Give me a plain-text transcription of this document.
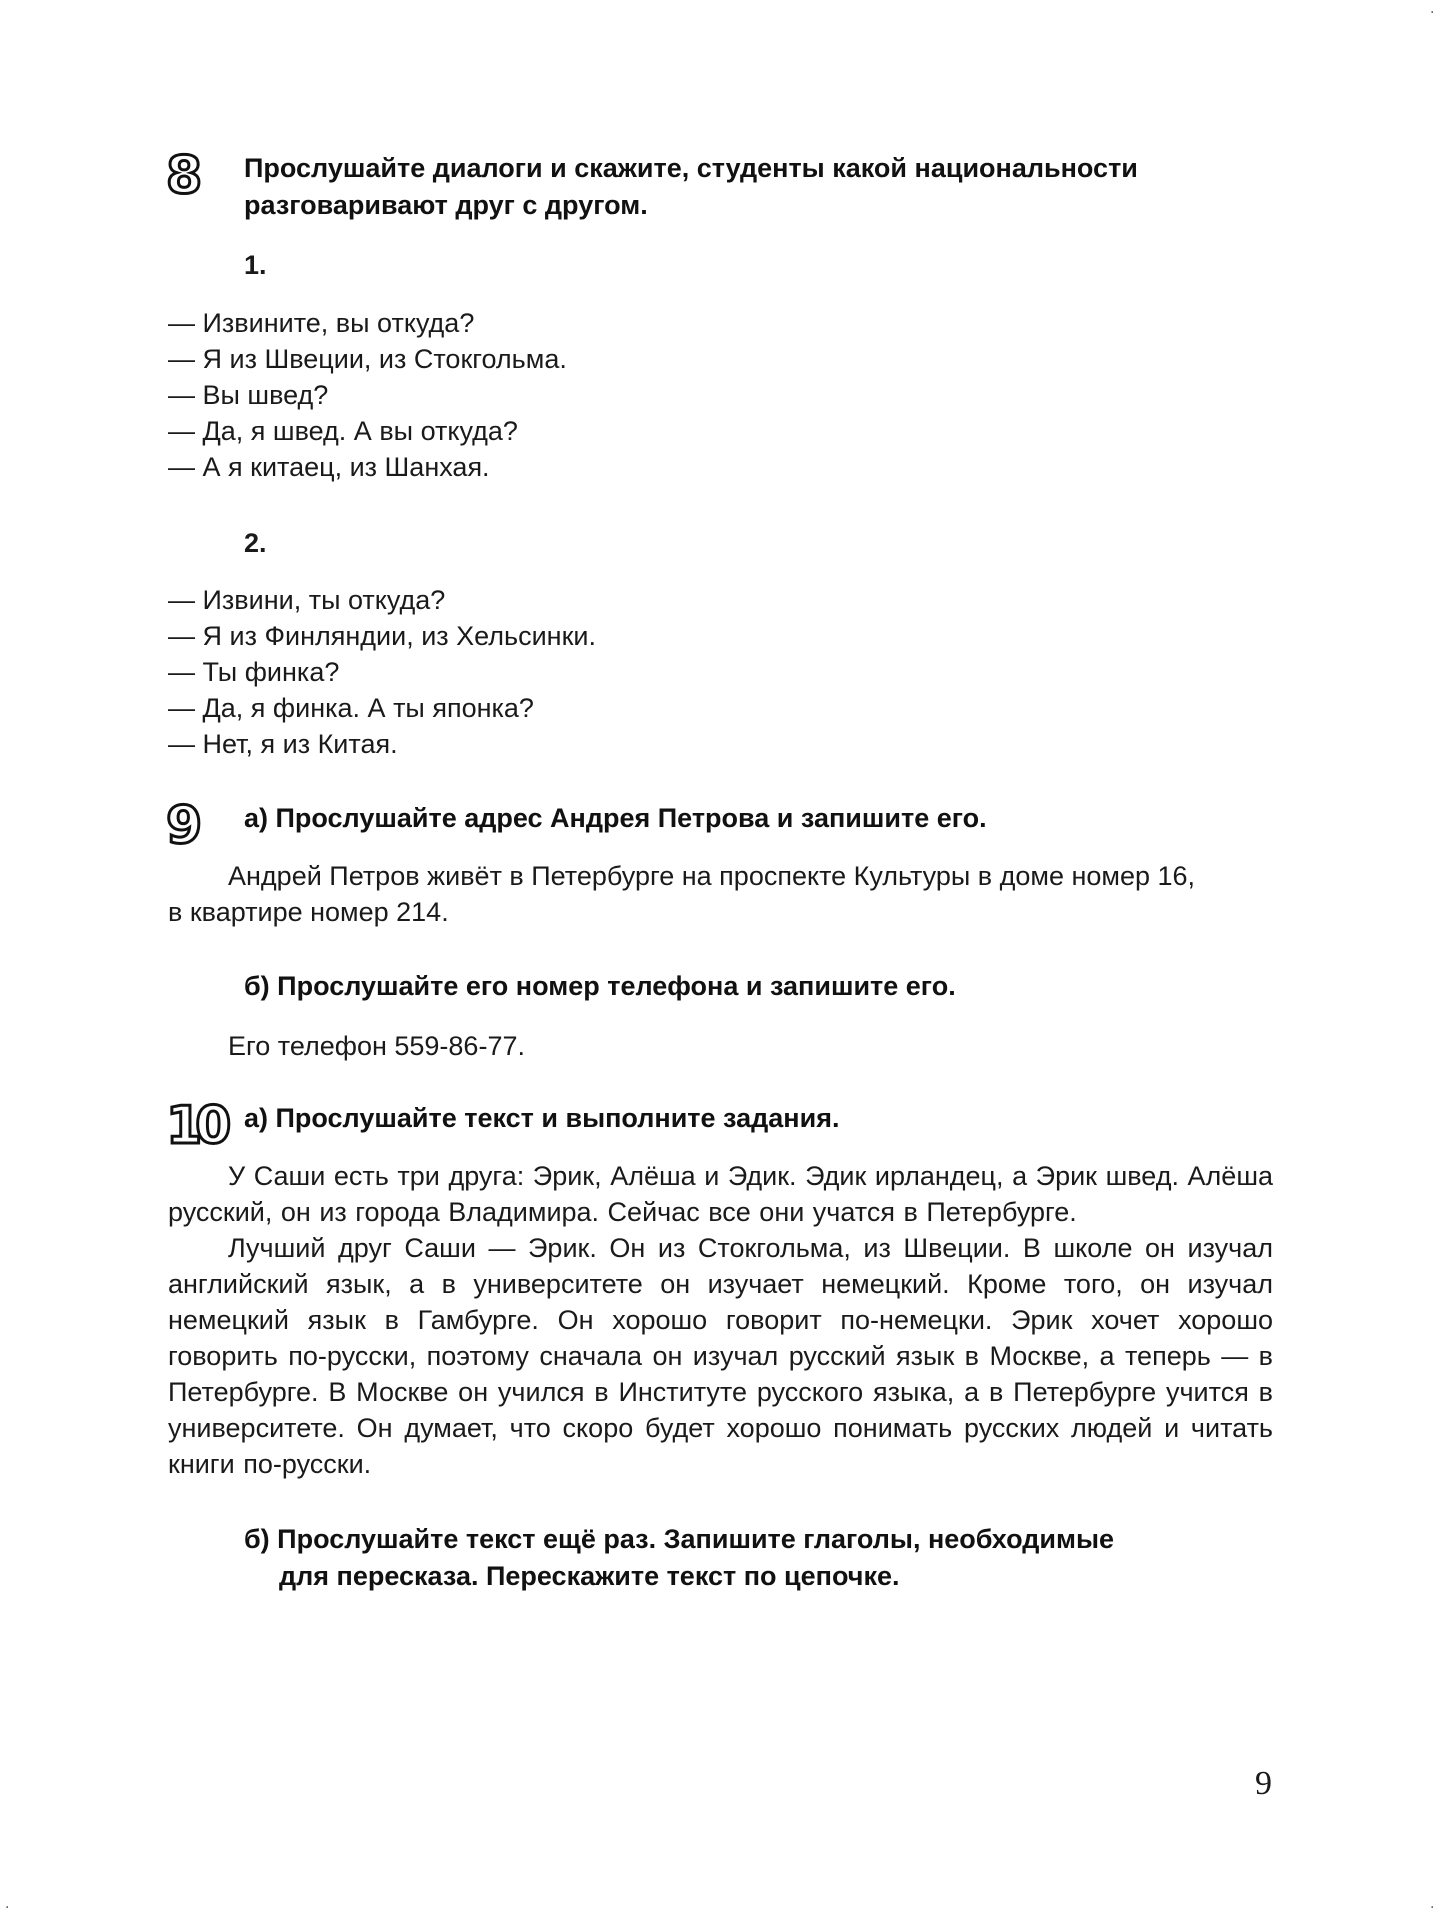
8 Прослушайте диалоги и скажите, студенты какой национальности
разговаривают друг с другом.
1.
— Извините, вы откуда?
— Я из Швеции, из Стокгольма.
— Вы швед?
— Да, я швед. А вы откуда?
— А я китаец, из Шанхая.
2.
— Извини, ты откуда?
— Я из Финляндии, из Хельсинки.
— Ты финка?
— Да, я финка. А ты японка?
— Нет, я из Китая.
9 а) Прослушайте адрес Андрея Петрова и запишите его.
Андрей Петров живёт в Петербурге на проспекте Культуры в доме номер 16,
в квартире номер 214.
б) Прослушайте его номер телефона и запишите его.
Его телефон 559-86-77.
10 а) Прослушайте текст и выполните задания.

У Саши есть три друга: Эрик, Алёша и Эдик. Эдик ирландец, а Эрик швед. Алёша русский, он из города Владимира. Сейчас все они учатся в Петербурге.

Лучший друг Саши — Эрик. Он из Стокгольма, из Швеции. В школе он изучал английский язык, а в университете он изучает немецкий. Кроме того, он изучал немецкий язык в Гамбурге. Он хорошо говорит по-немецки. Эрик хочет хорошо говорить по-русски, поэтому сначала он изучал русский язык в Москве, а теперь — в Петербурге. В Москве он учился в Институте русского языка, а в Петербурге учится в университете. Он думает, что скоро будет хорошо понимать русских людей и читать книги по-русски.

б) Прослушайте текст ещё раз. Запишите глаголы, необходимые
для пересказа. Перескажите текст по цепочке.
9
·	·
·
